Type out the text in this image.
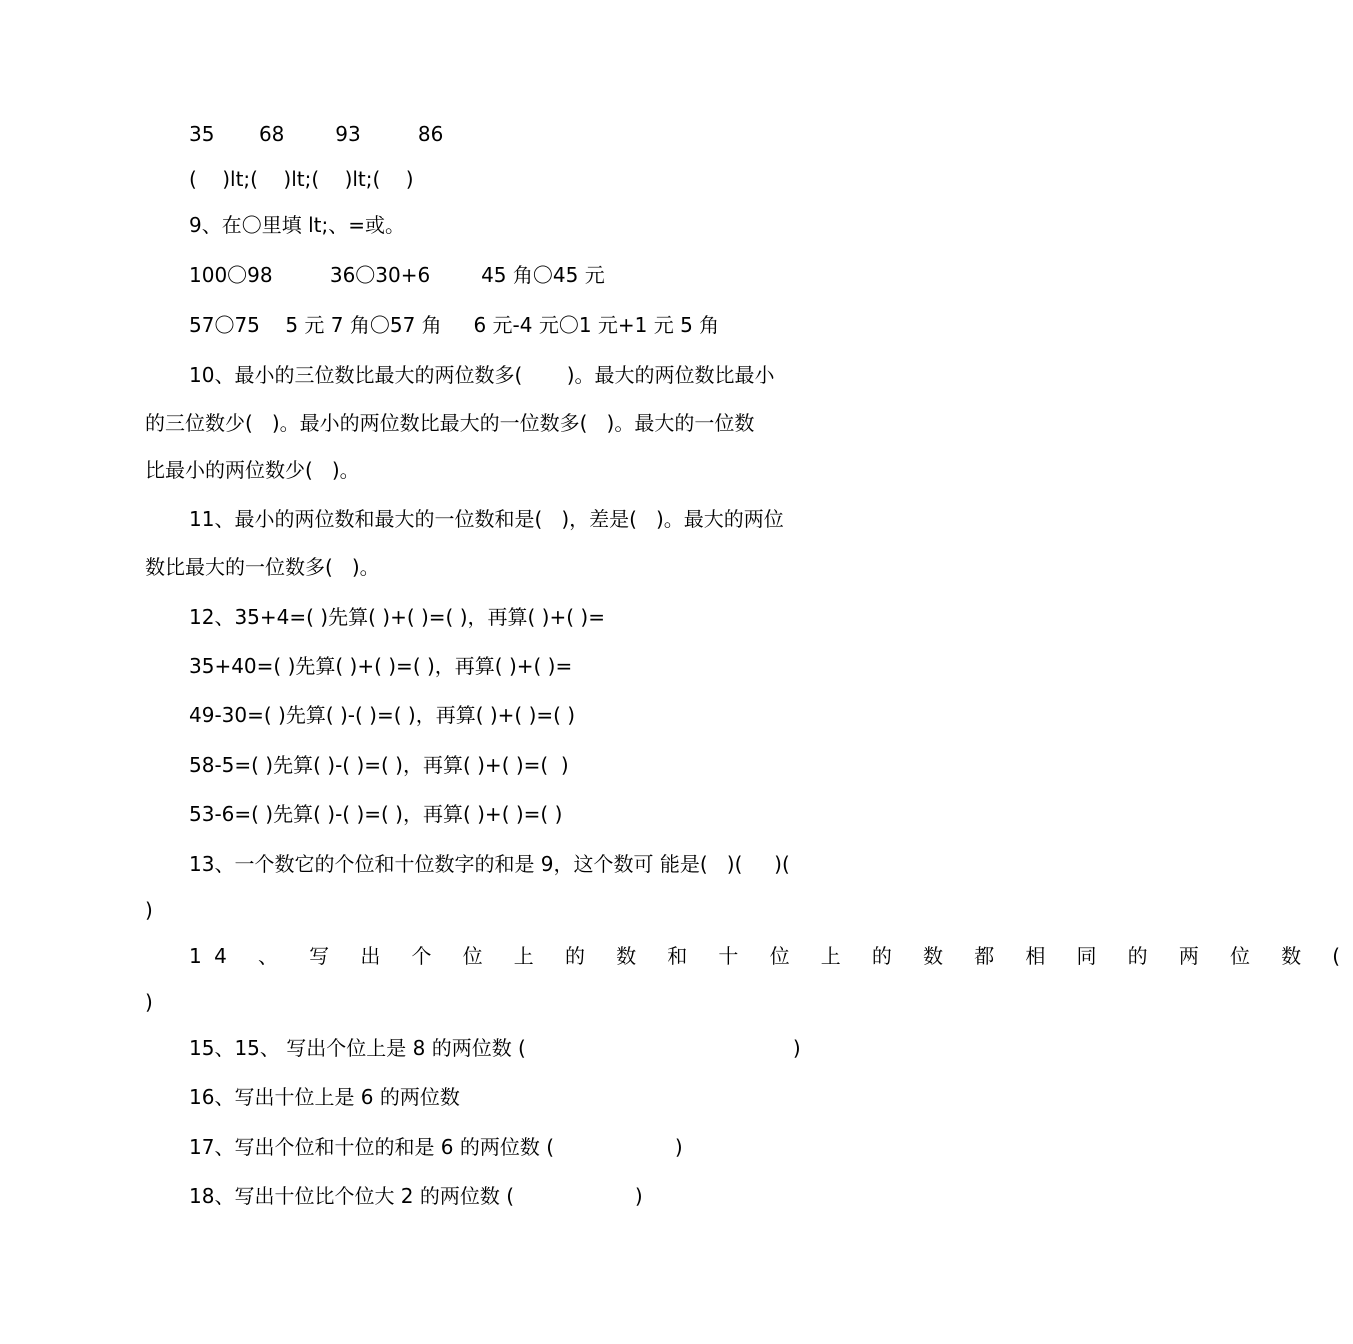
35       68        93         86
(    )lt;(    )lt;(    )lt;(    )
9、在〇里填 lt;、=或。
100〇98         36〇30+6        45 角〇45 元
57〇75    5 元 7 角〇57 角     6 元-4 元〇1 元+1 元 5 角
10、最小的三位数比最大的两位数多(       )。最大的两位数比最小
的三位数少(   )。最小的两位数比最大的一位数多(   )。最大的一位数
比最小的两位数少(   )。
11、最小的两位数和最大的一位数和是(   )，差是(   )。最大的两位
数比最大的一位数多(   )。
12、35+4=( )先算( )+( )=( )，再算( )+( )=
35+40=( )先算( )+( )=( )，再算( )+( )=
49-30=( )先算( )-( )=( )，再算( )+( )=( )
58-5=( )先算( )-( )=( )，再算( )+( )=(  )
53-6=( )先算( )-( )=( )，再算( )+( )=( )
13、一个数它的个位和十位数字的和是 9，这个数可 能是(   )(     )(
)
14 、 写 出 个 位 上 的 数 和 十 位 上 的 数 都 相 同 的 两 位 数 (
)
15、15、 写出个位上是 8 的两位数 (                                          )
16、写出十位上是 6 的两位数
17、写出个位和十位的和是 6 的两位数 (                   )
18、写出十位比个位大 2 的两位数 (                   )
